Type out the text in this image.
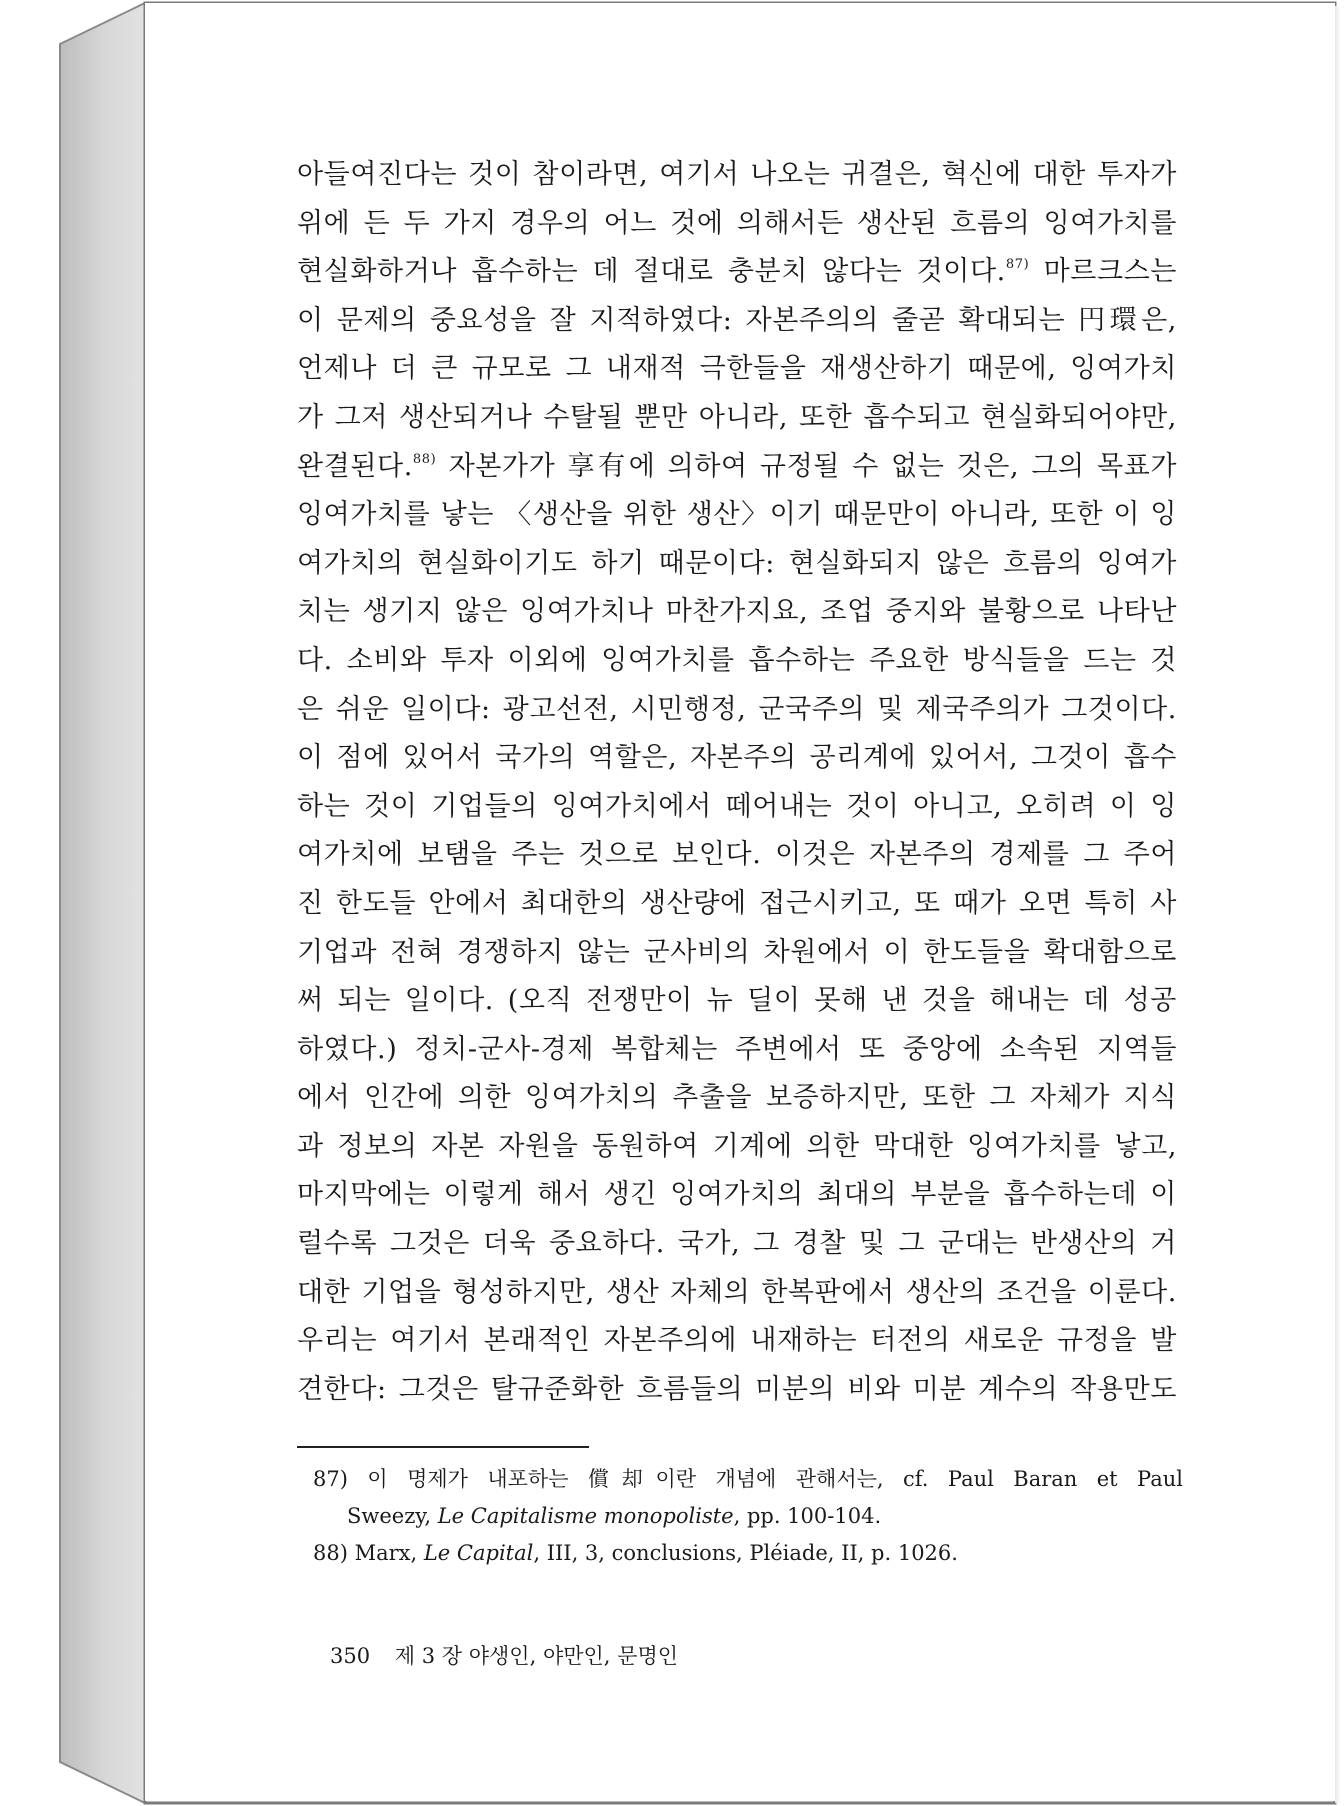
아들여진다는 것이 참이라면, 여기서 나오는 귀결은, 혁신에 대한 투자가
위에 든 두 가지 경우의 어느 것에 의해서든 생산된 흐름의 잉여가치를
현실화하거나 흡수하는 데 절대로 충분치 않다는 것이다.$^{87)}$ 마르크스는
이 문제의 중요성을 잘 지적하였다: 자본주의의 줄곧 확대되는 円環은,
언제나 더 큰 규모로 그 내재적 극한들을 재생산하기 때문에, 잉여가치
가 그저 생산되거나 수탈될 뿐만 아니라, 또한 흡수되고 현실화되어야만,
완결된다.$^{88)}$ 자본가가 享有에 의하여 규정될 수 없는 것은, 그의 목표가
잉여가치를 낳는 〈생산을 위한 생산〉이기 때문만이 아니라, 또한 이 잉
여가치의 현실화이기도 하기 때문이다: 현실화되지 않은 흐름의 잉여가
치는 생기지 않은 잉여가치나 마찬가지요, 조업 중지와 불황으로 나타난
다. 소비와 투자 이외에 잉여가치를 흡수하는 주요한 방식들을 드는 것
은 쉬운 일이다: 광고선전, 시민행정, 군국주의 및 제국주의가 그것이다.
이 점에 있어서 국가의 역할은, 자본주의 공리계에 있어서, 그것이 흡수
하는 것이 기업들의 잉여가치에서 떼어내는 것이 아니고, 오히려 이 잉
여가치에 보탬을 주는 것으로 보인다. 이것은 자본주의 경제를 그 주어
진 한도들 안에서 최대한의 생산량에 접근시키고, 또 때가 오면 특히 사
기업과 전혀 경쟁하지 않는 군사비의 차원에서 이 한도들을 확대함으로
써 되는 일이다. (오직 전쟁만이 뉴 딜이 못해 낸 것을 해내는 데 성공
하였다.) 정치-군사-경제 복합체는 주변에서 또 중앙에 소속된 지역들
에서 인간에 의한 잉여가치의 추출을 보증하지만, 또한 그 자체가 지식
과 정보의 자본 자원을 동원하여 기계에 의한 막대한 잉여가치를 낳고,
마지막에는 이렇게 해서 생긴 잉여가치의 최대의 부분을 흡수하는데 이
럴수록 그것은 더욱 중요하다. 국가, 그 경찰 및 그 군대는 반생산의 거
대한 기업을 형성하지만, 생산 자체의 한복판에서 생산의 조건을 이룬다.
우리는 여기서 본래적인 자본주의에 내재하는 터전의 새로운 규정을 발
견한다: 그것은 탈규준화한 흐름들의 미분의 비와 미분 계수의 작용만도
87) 이 명제가 내포하는 償却이란 개념에 관해서는, cf. Paul Baran et Paul
Sweezy, Le Capitalisme monopoliste, pp. 100-104.
88) Marx, Le Capital, III, 3, conclusions, Pléiade, II, p. 1026.
350 제 3 장 야생인, 야만인, 문명인
